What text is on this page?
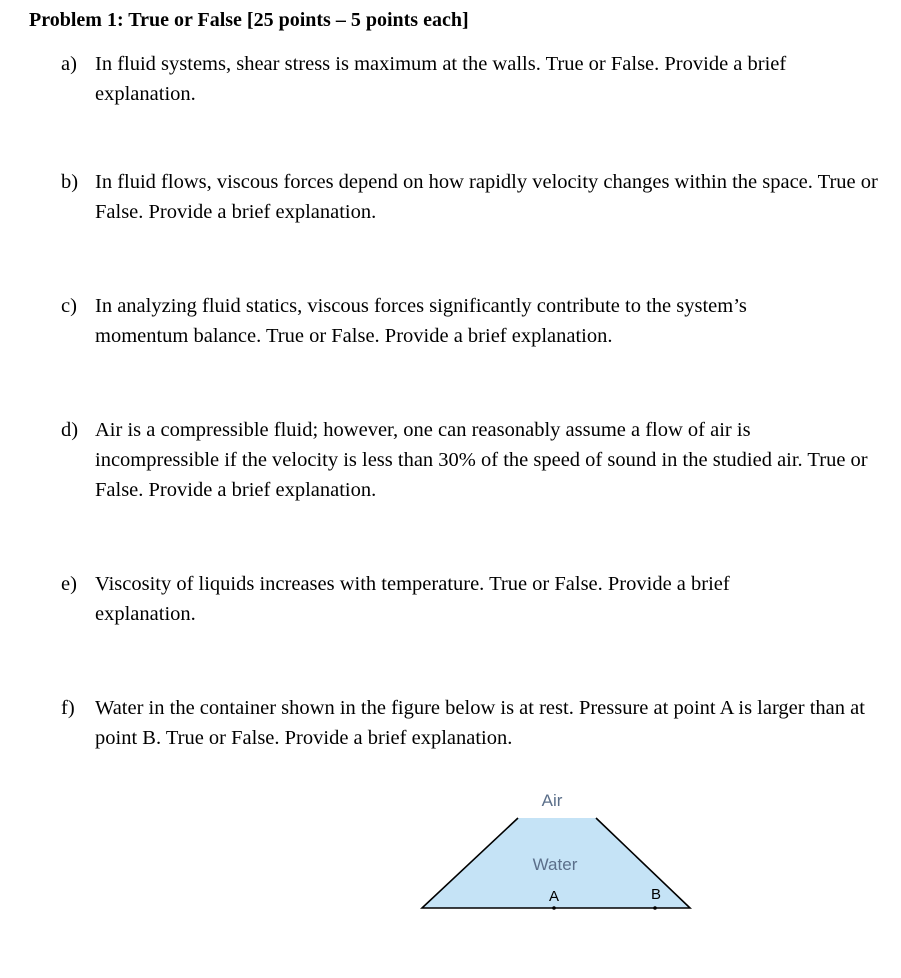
Problem 1: True or False [25 points – 5 points each]
a) In fluid systems, shear stress is maximum at the walls. True or False. Provide a brief explanation.
b) In fluid flows, viscous forces depend on how rapidly velocity changes within the space. True or False. Provide a brief explanation.
c) In analyzing fluid statics, viscous forces significantly contribute to the system’s momentum balance. True or False. Provide a brief explanation.
d) Air is a compressible fluid; however, one can reasonably assume a flow of air is incompressible if the velocity is less than 30% of the speed of sound in the studied air. True or False. Provide a brief explanation.
e) Viscosity of liquids increases with temperature. True or False. Provide a brief explanation.
f) Water in the container shown in the figure below is at rest. Pressure at point A is larger than at point B. True or False. Provide a brief explanation.
Air
Water
A	B
